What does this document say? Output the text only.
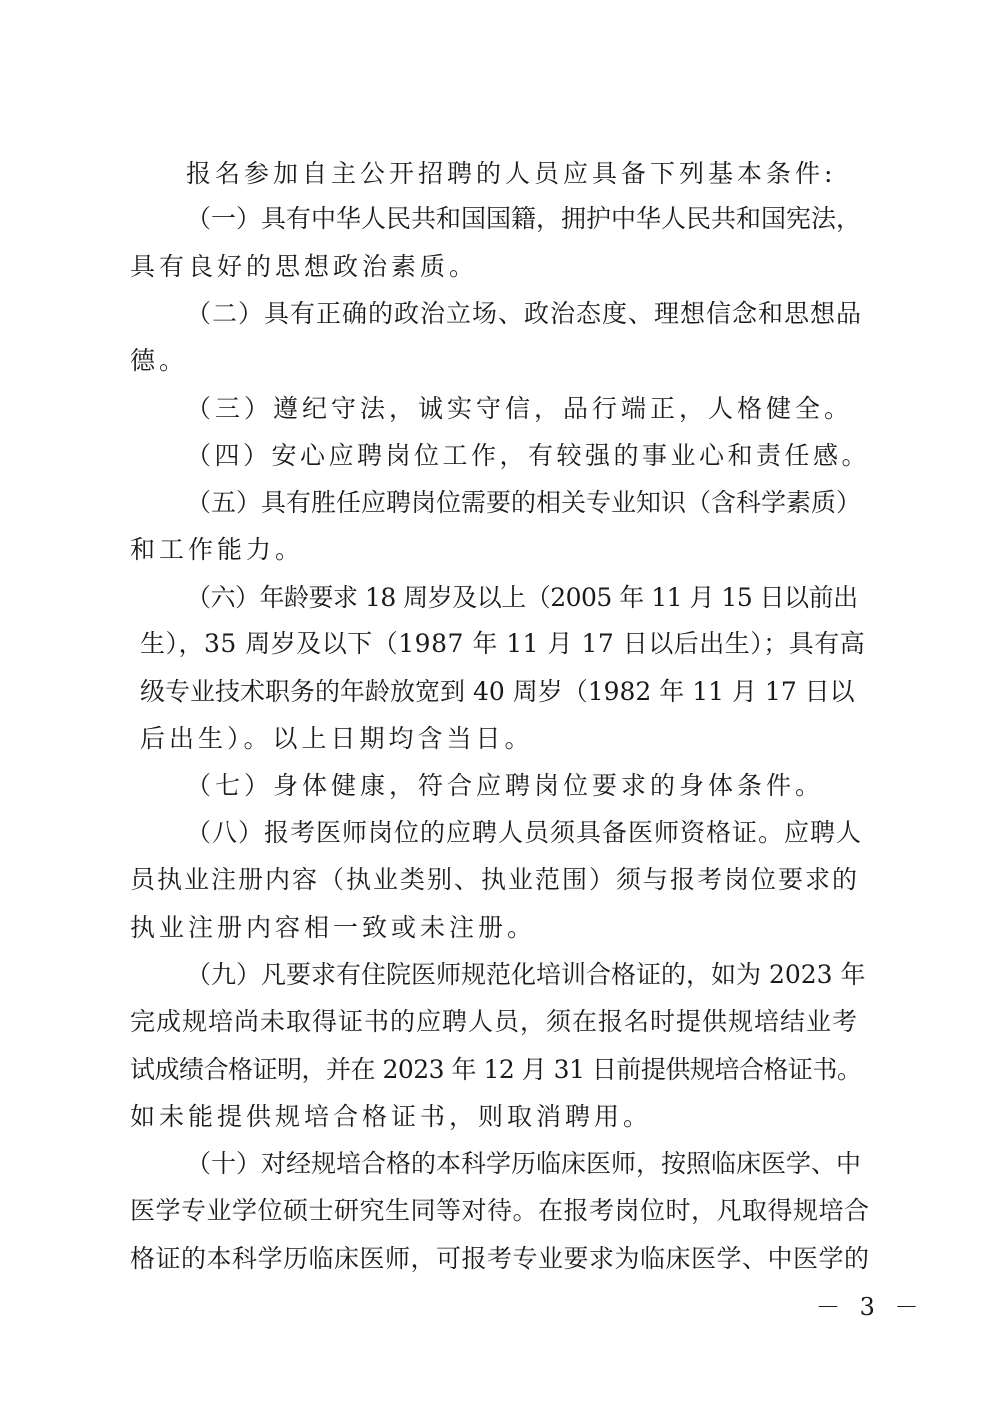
报名参加自主公开招聘的人员应具备下列基本条件:
（一）具有中华人民共和国国籍，拥护中华人民共和国宪法，
具有良好的思想政治素质。
（二）具有正确的政治立场、政治态度、理想信念和思想品
德。
（三）遵纪守法，诚实守信，品行端正，人格健全。
（四）安心应聘岗位工作，有较强的事业心和责任感。
（五）具有胜任应聘岗位需要的相关专业知识（含科学素质）
和工作能力。
（六）年龄要求 18 周岁及以上（2005 年 11 月 15 日以前出
生），35 周岁及以下（1987 年 11 月 17 日以后出生）；具有高
级专业技术职务的年龄放宽到 40 周岁（1982 年 11 月 17 日以
后出生）。以上日期均含当日。
（七）身体健康，符合应聘岗位要求的身体条件。
（八）报考医师岗位的应聘人员须具备医师资格证。应聘人
员执业注册内容（执业类别、执业范围）须与报考岗位要求的
执业注册内容相一致或未注册。
（九）凡要求有住院医师规范化培训合格证的，如为 2023 年
完成规培尚未取得证书的应聘人员，须在报名时提供规培结业考
试成绩合格证明，并在 2023 年 12 月 31 日前提供规培合格证书。
如未能提供规培合格证书，则取消聘用。
（十）对经规培合格的本科学历临床医师，按照临床医学、中
医学专业学位硕士研究生同等对待。在报考岗位时，凡取得规培合
格证的本科学历临床医师，可报考专业要求为临床医学、中医学的
－ 3 －
